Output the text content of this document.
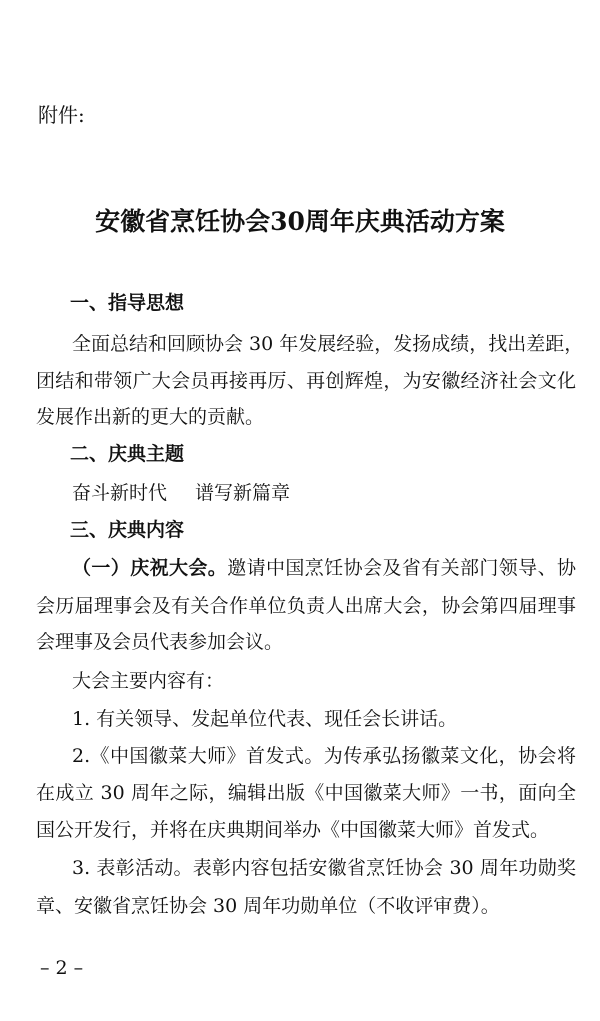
附件:
安徽省烹饪协会30周年庆典活动方案
一、指导思想
全面总结和回顾协会 30 年发展经验，发扬成绩，找出差距，
团结和带领广大会员再接再厉、再创辉煌，为安徽经济社会文化
发展作出新的更大的贡献。
二、庆典主题
奋斗新时代 谱写新篇章
三、庆典内容
（一）庆祝大会。邀请中国烹饪协会及省有关部门领导、协
会历届理事会及有关合作单位负责人出席大会，协会第四届理事
会理事及会员代表参加会议。
大会主要内容有：
1. 有关领导、发起单位代表、现任会长讲话。
2.《中国徽菜大师》首发式。为传承弘扬徽菜文化，协会将
在成立 30 周年之际，编辑出版《中国徽菜大师》一书，面向全
国公开发行，并将在庆典期间举办《中国徽菜大师》首发式。
3. 表彰活动。表彰内容包括安徽省烹饪协会 30 周年功勋奖
章、安徽省烹饪协会 30 周年功勋单位（不收评审费）。
– 2 –
